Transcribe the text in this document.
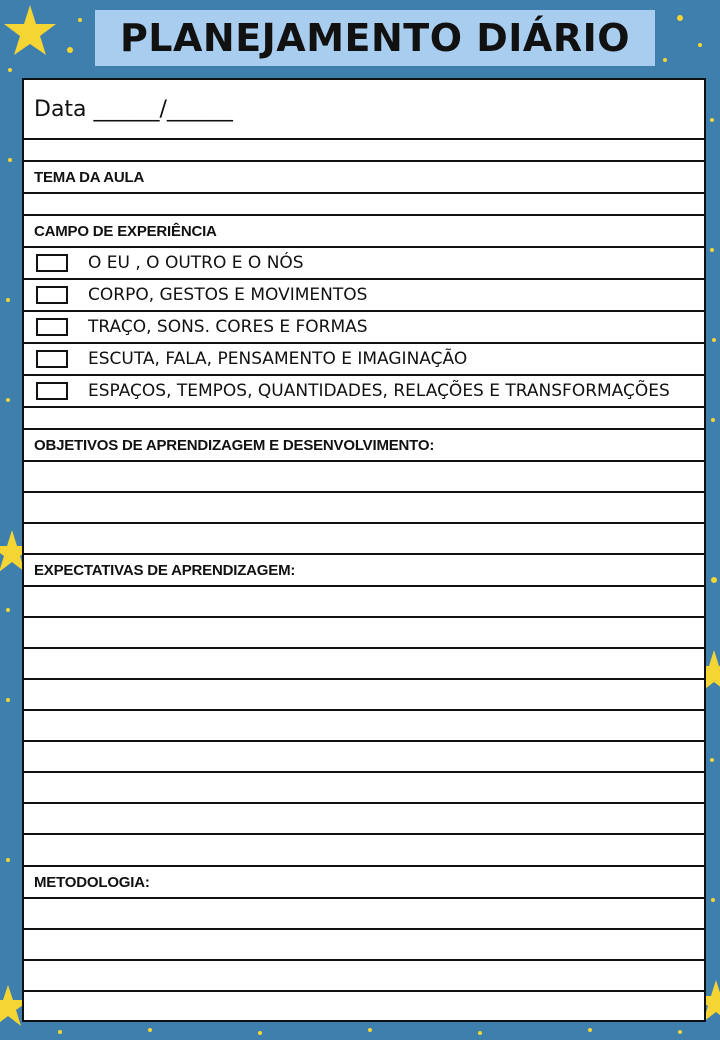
PLANEJAMENTO DIÁRIO
Data ______/______
TEMA DA AULA
CAMPO DE EXPERIÊNCIA
O EU , O OUTRO E O NÓS
CORPO, GESTOS E MOVIMENTOS
TRAÇO, SONS. CORES E FORMAS
ESCUTA, FALA, PENSAMENTO E IMAGINAÇÃO
ESPAÇOS, TEMPOS, QUANTIDADES, RELAÇÕES E TRANSFORMAÇÕES
OBJETIVOS DE APRENDIZAGEM E DESENVOLVIMENTO:
EXPECTATIVAS DE APRENDIZAGEM:
METODOLOGIA:
